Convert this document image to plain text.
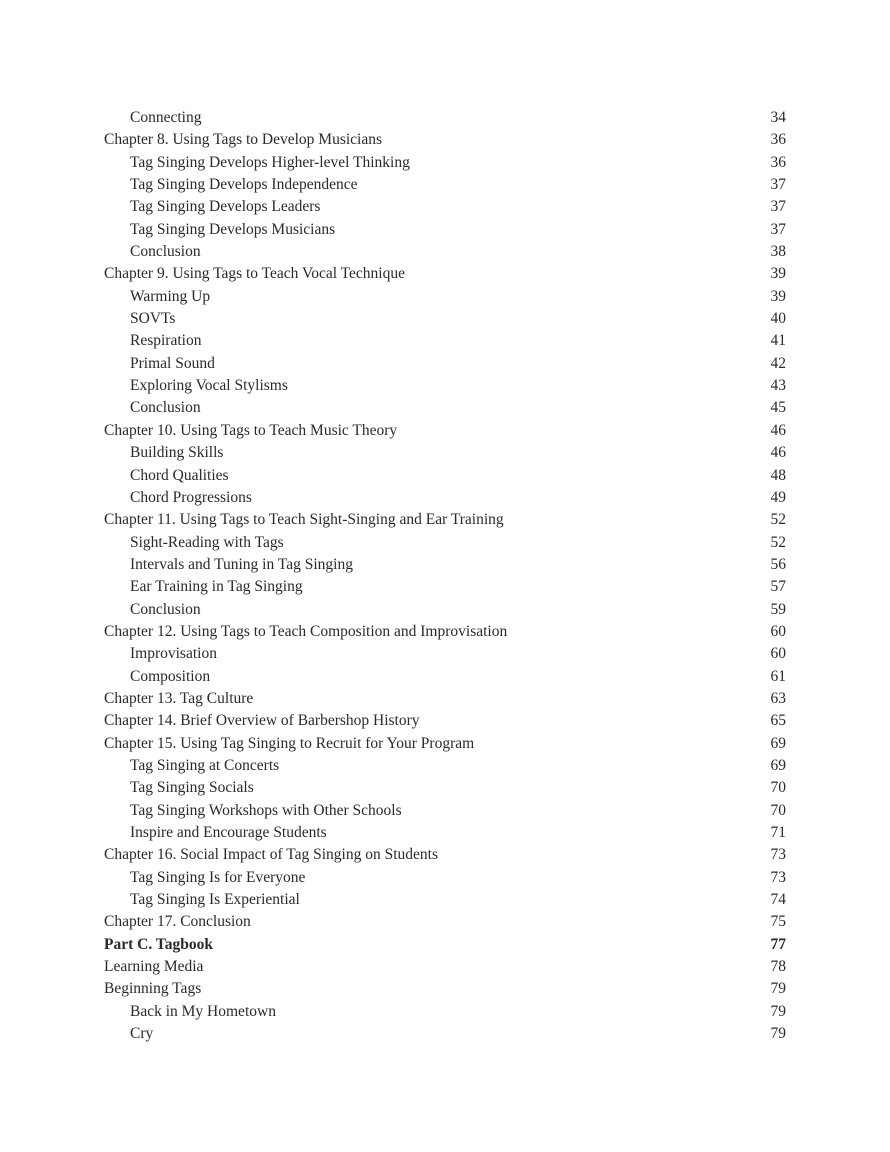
Connecting	34
Chapter 8. Using Tags to Develop Musicians	36
Tag Singing Develops Higher-level Thinking	36
Tag Singing Develops Independence	37
Tag Singing Develops Leaders	37
Tag Singing Develops Musicians	37
Conclusion	38
Chapter 9. Using Tags to Teach Vocal Technique	39
Warming Up	39
SOVTs	40
Respiration	41
Primal Sound	42
Exploring Vocal Stylisms	43
Conclusion	45
Chapter 10. Using Tags to Teach Music Theory	46
Building Skills	46
Chord Qualities	48
Chord Progressions	49
Chapter 11. Using Tags to Teach Sight-Singing and Ear Training	52
Sight-Reading with Tags	52
Intervals and Tuning in Tag Singing	56
Ear Training in Tag Singing	57
Conclusion	59
Chapter 12. Using Tags to Teach Composition and Improvisation	60
Improvisation	60
Composition	61
Chapter 13. Tag Culture	63
Chapter 14. Brief Overview of Barbershop History	65
Chapter 15. Using Tag Singing to Recruit for Your Program	69
Tag Singing at Concerts	69
Tag Singing Socials	70
Tag Singing Workshops with Other Schools	70
Inspire and Encourage Students	71
Chapter 16. Social Impact of Tag Singing on Students	73
Tag Singing Is for Everyone	73
Tag Singing Is Experiential	74
Chapter 17. Conclusion	75
Part C. Tagbook	77
Learning Media	78
Beginning Tags	79
Back in My Hometown	79
Cry	79
